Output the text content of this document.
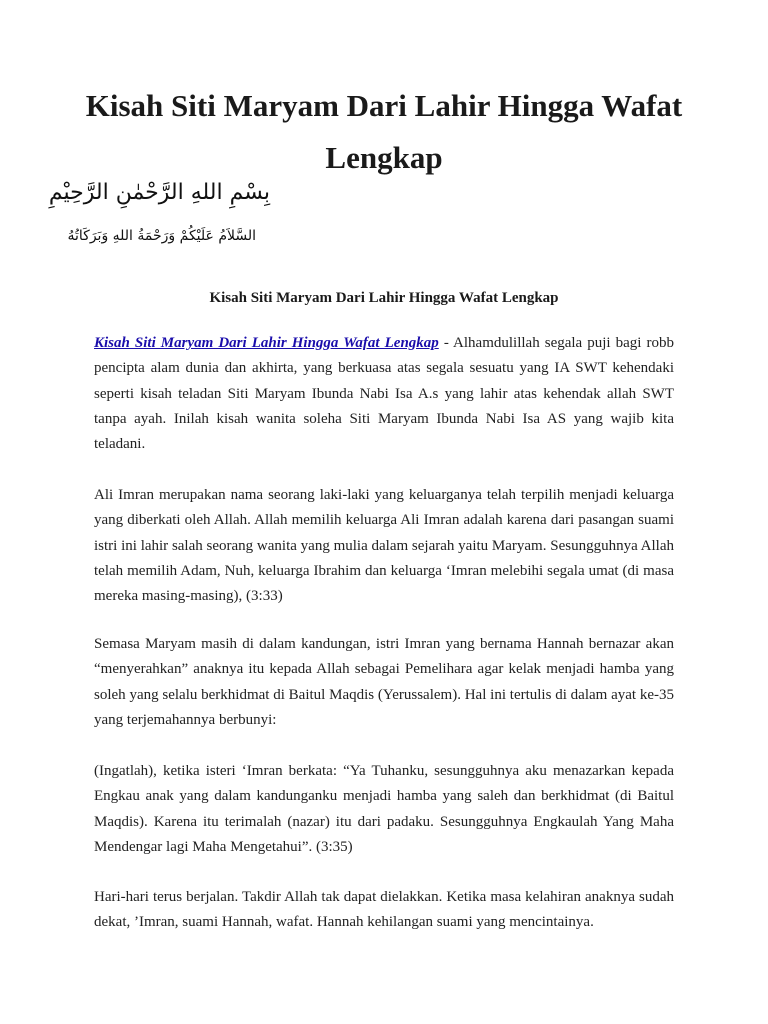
Kisah Siti Maryam Dari Lahir Hingga Wafat Lengkap
بِسْمِ اللهِ الرَّحْمٰنِ الرَّحِيْمِ
السَّلاَمُ عَلَيْكُمْ وَرَحْمَةُ اللهِ وَبَرَكَاتُهُ
Kisah Siti Maryam Dari Lahir Hingga Wafat Lengkap

Kisah Siti Maryam Dari Lahir Hingga Wafat Lengkap - Alhamdulillah segala puji bagi robb pencipta alam dunia dan akhirta, yang berkuasa atas segala sesuatu yang IA SWT kehendaki seperti kisah teladan Siti Maryam Ibunda Nabi Isa A.s yang lahir atas kehendak allah SWT tanpa ayah. Inilah kisah wanita soleha Siti Maryam Ibunda Nabi Isa AS yang wajib kita teladani.

Ali Imran merupakan nama seorang laki-laki yang keluarganya telah terpilih menjadi keluarga yang diberkati oleh Allah. Allah memilih keluarga Ali Imran adalah karena dari pasangan suami istri ini lahir salah seorang wanita yang mulia dalam sejarah yaitu Maryam. Sesungguhnya Allah telah memilih Adam, Nuh, keluarga Ibrahim dan keluarga ‘Imran melebihi segala umat (di masa mereka masing-masing), (3:33)

Semasa Maryam masih di dalam kandungan, istri Imran yang bernama Hannah bernazar akan “menyerahkan” anaknya itu kepada Allah sebagai Pemelihara agar kelak menjadi hamba yang soleh yang selalu berkhidmat di Baitul Maqdis (Yerussalem). Hal ini tertulis di dalam ayat ke-35 yang terjemahannya berbunyi:

(Ingatlah), ketika isteri ‘Imran berkata: “Ya Tuhanku, sesungguhnya aku menazarkan kepada Engkau anak yang dalam kandunganku menjadi hamba yang saleh dan berkhidmat (di Baitul Maqdis). Karena itu terimalah (nazar) itu dari padaku. Sesungguhnya Engkaulah Yang Maha Mendengar lagi Maha Mengetahui”. (3:35)

Hari-hari terus berjalan. Takdir Allah tak dapat dielakkan. Ketika masa kelahiran anaknya sudah dekat, ’Imran, suami Hannah, wafat. Hannah kehilangan suami yang mencintainya.
